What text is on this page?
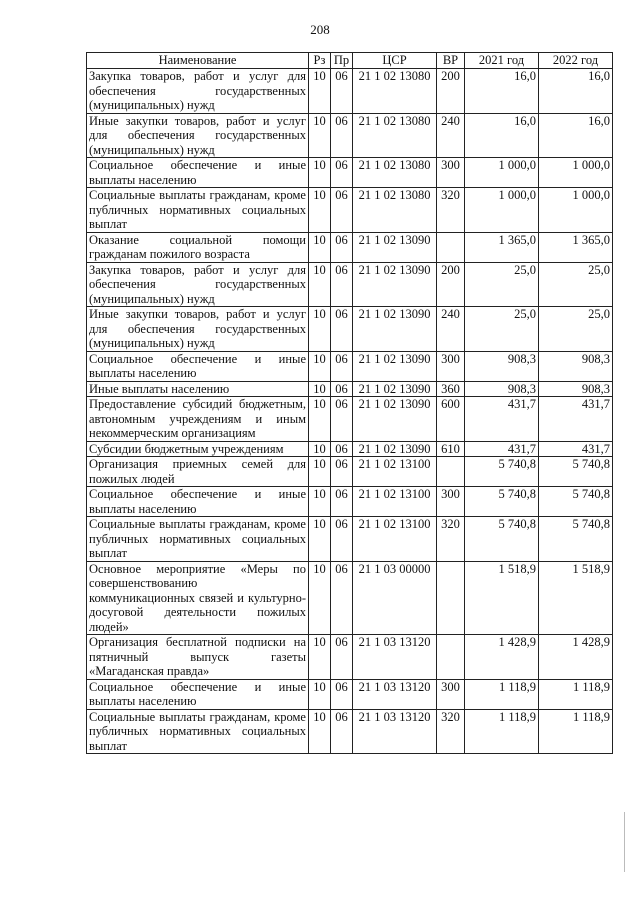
208
Наименование	Рз	Пр	ЦСР	ВР	2021 год	2022 год
Закупка товаров, работ и услуг для обеспечения государственных (муниципальных) нужд	10	06	21 1 02 13080	200	16,0	16,0
Иные закупки товаров, работ и услуг для обеспечения государственных (муниципальных) нужд	10	06	21 1 02 13080	240	16,0	16,0
Социальное обеспечение и иные выплаты населению	10	06	21 1 02 13080	300	1 000,0	1 000,0
Социальные выплаты гражданам, кроме публичных нормативных социальных выплат	10	06	21 1 02 13080	320	1 000,0	1 000,0
Оказание социальной помощи гражданам пожилого возраста	10	06	21 1 02 13090		1 365,0	1 365,0
Закупка товаров, работ и услуг для обеспечения государственных (муниципальных) нужд	10	06	21 1 02 13090	200	25,0	25,0
Иные закупки товаров, работ и услуг для обеспечения государственных (муниципальных) нужд	10	06	21 1 02 13090	240	25,0	25,0
Социальное обеспечение и иные выплаты населению	10	06	21 1 02 13090	300	908,3	908,3
Иные выплаты населению	10	06	21 1 02 13090	360	908,3	908,3
Предоставление субсидий бюджетным, автономным учреждениям и иным некоммерческим организациям	10	06	21 1 02 13090	600	431,7	431,7
Субсидии бюджетным учреждениям	10	06	21 1 02 13090	610	431,7	431,7
Организация приемных семей для пожилых людей	10	06	21 1 02 13100		5 740,8	5 740,8
Социальное обеспечение и иные выплаты населению	10	06	21 1 02 13100	300	5 740,8	5 740,8
Социальные выплаты гражданам, кроме публичных нормативных социальных выплат	10	06	21 1 02 13100	320	5 740,8	5 740,8
Основное мероприятие «Меры по совершенствованию коммуникационных связей и культурно-досуговой деятельности пожилых людей»	10	06	21 1 03 00000		1 518,9	1 518,9
Организация бесплатной подписки на пятничный выпуск газеты «Магаданская правда»	10	06	21 1 03 13120		1 428,9	1 428,9
Социальное обеспечение и иные выплаты населению	10	06	21 1 03 13120	300	1 118,9	1 118,9
Социальные выплаты гражданам, кроме публичных нормативных социальных выплат	10	06	21 1 03 13120	320	1 118,9	1 118,9
